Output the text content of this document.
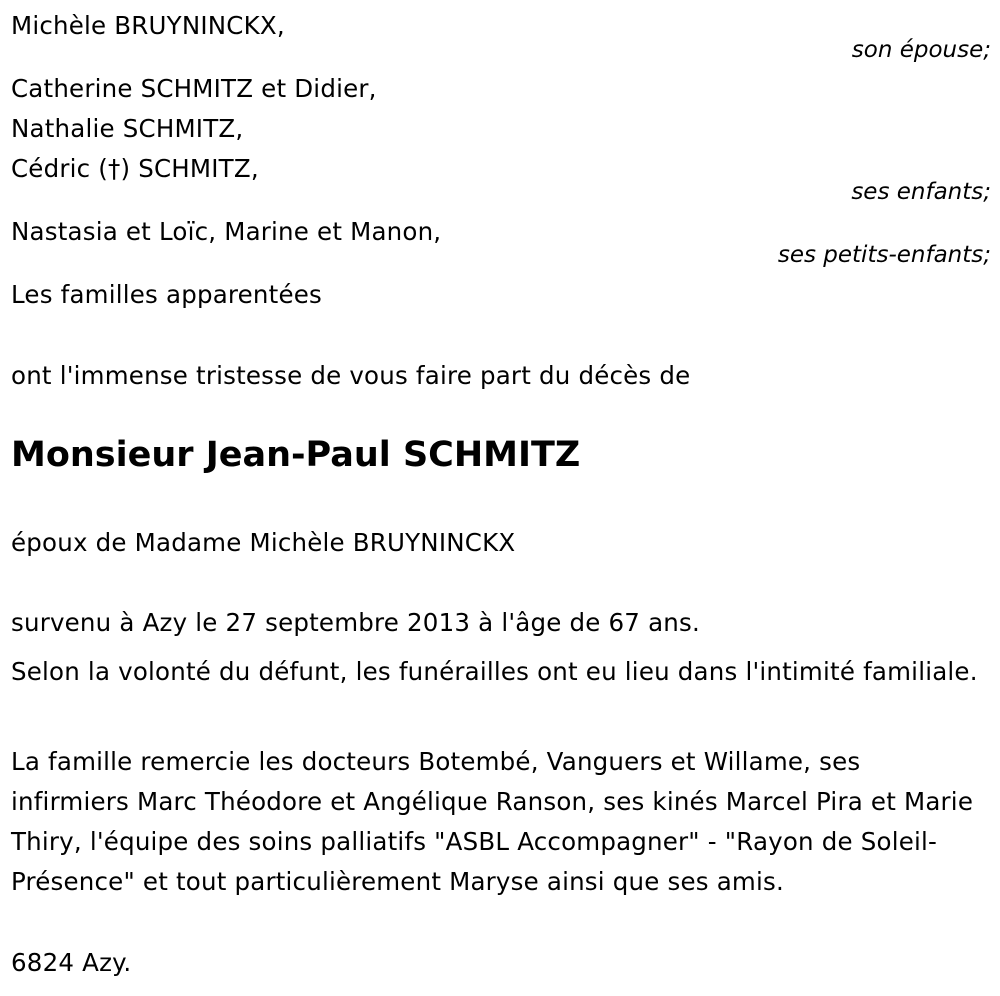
Michèle BRUYNINCKX,
son épouse;
Catherine SCHMITZ et Didier,
Nathalie SCHMITZ,
Cédric (†) SCHMITZ,
ses enfants;
Nastasia et Loïc, Marine et Manon,
ses petits-enfants;
Les familles apparentées
ont l'immense tristesse de vous faire part du décès de
Monsieur Jean-Paul SCHMITZ
époux de Madame Michèle BRUYNINCKX
survenu à Azy le 27 septembre 2013 à l'âge de 67 ans.
Selon la volonté du défunt, les funérailles ont eu lieu dans l'intimité familiale.
La famille remercie les docteurs Botembé, Vanguers et Willame, ses infirmiers Marc Théodore et Angélique Ranson, ses kinés Marcel Pira et Marie Thiry, l'équipe des soins palliatifs "ASBL Accompagner" - "Rayon de Soleil-Présence" et tout particulièrement Maryse ainsi que ses amis.
6824 Azy.
